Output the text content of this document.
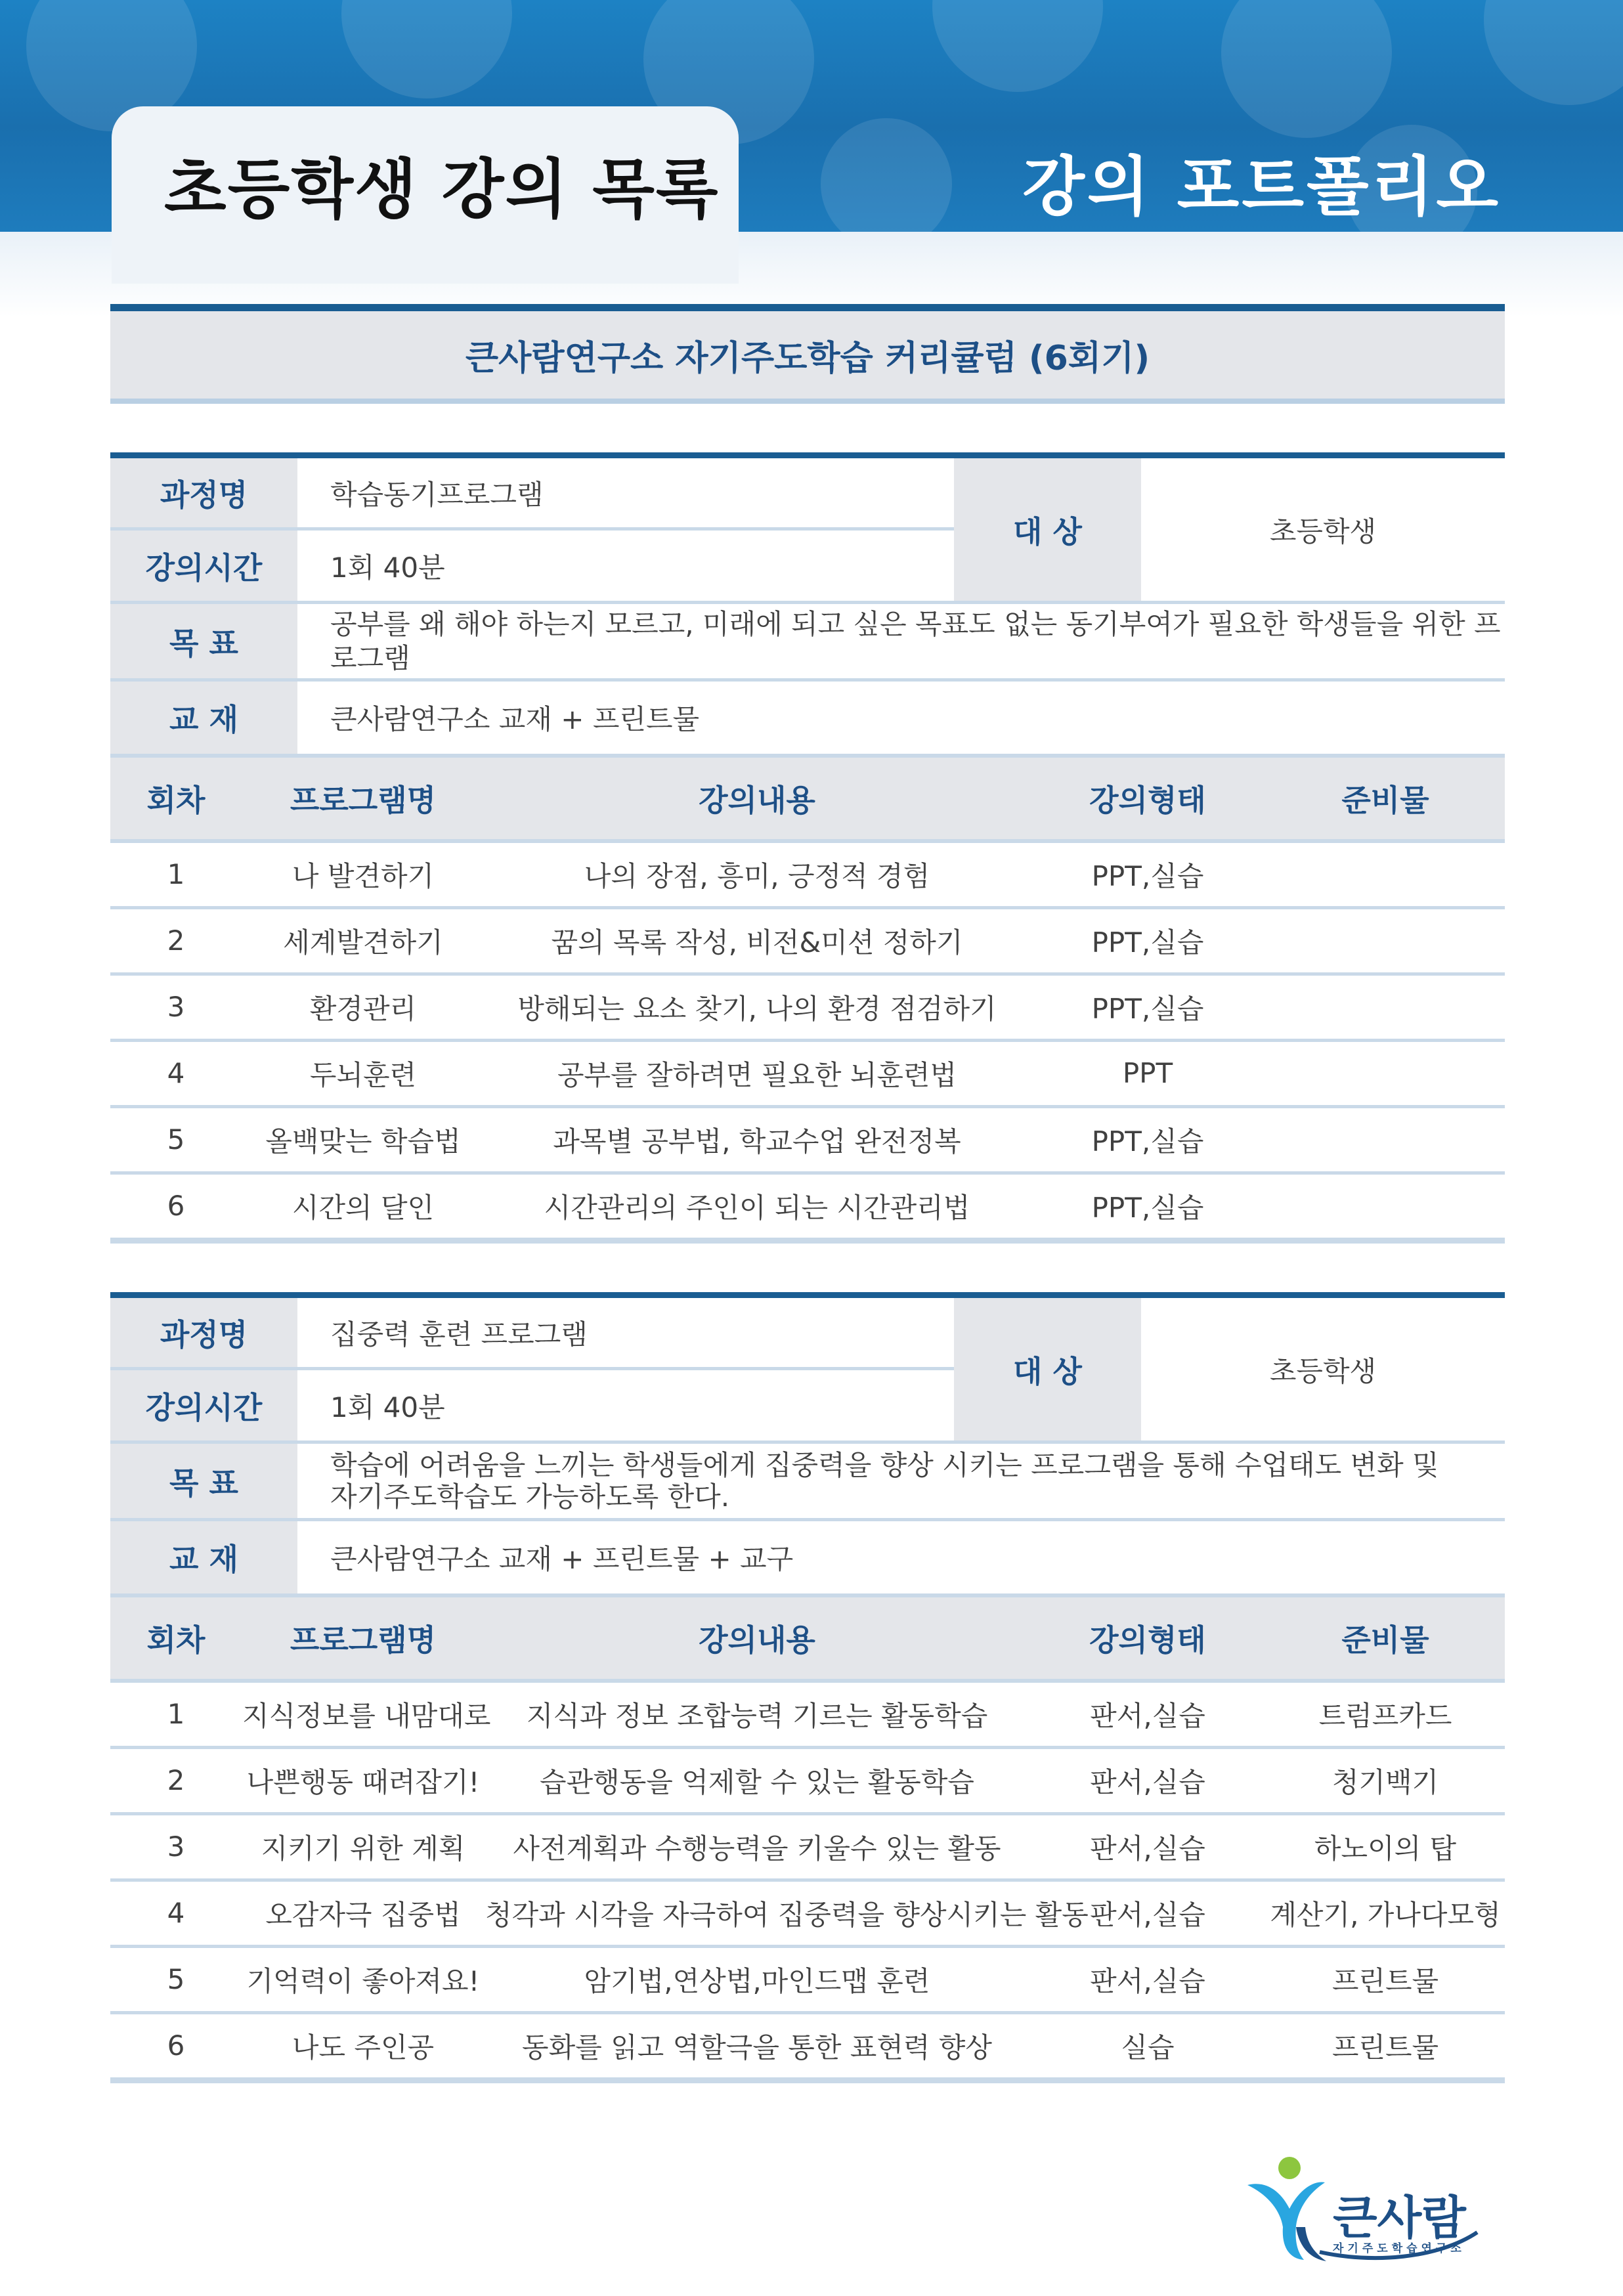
초등학생 강의 목록	강의 포트폴리오
큰사람연구소 자기주도학습 커리큘럼 (6회기)
과정명	학습동기프로그램	대 상	초등학생
강의시간	1회 40분		
목 표	공부를 왜 해야 하는지 모르고, 미래에 되고 싶은 목표도 없는 동기부여가 필요한 학생들을 위한 프로그램		

교 재	큰사람연구소 교재 + 프린트물		
회차	프로그램명	강의내용	강의형태	준비물
1	나 발견하기	나의 장점, 흥미, 긍정적 경험	PPT,실습	
2	세계발견하기	꿈의 목록 작성, 비전&미션 정하기	PPT,실습	
3	환경관리	방해되는 요소 찾기, 나의 환경 점검하기	PPT,실습	
4	두뇌훈련	공부를 잘하려면 필요한 뇌훈련법	PPT	
5	올백맞는 학습법	과목별 공부법, 학교수업 완전정복	PPT,실습	
6	시간의 달인	시간관리의 주인이 되는 시간관리법	PPT,실습	
과정명	집중력 훈련 프로그램	대 상	초등학생
강의시간	1회 40분		
목 표	학습에 어려움을 느끼는 학생들에게 집중력을 향상 시키는 프로그램을 통해 수업태도 변화 및
자기주도학습도 가능하도록 한다.		

교 재	큰사람연구소 교재 + 프린트물 + 교구		
회차	프로그램명	강의내용	강의형태	준비물
1	지식정보를 내맘대로	지식과 정보 조합능력 기르는 활동학습	판서,실습	트럼프카드
2	나쁜행동 때려잡기!	습관행동을 억제할 수 있는 활동학습	판서,실습	청기백기
3	지키기 위한 계획	사전계획과 수행능력을 키울수 있는 활동	판서,실습	하노이의 탑
4	오감자극 집중법	청각과 시각을 자극하여 집중력을 향상시키는 활동	판서,실습	계산기, 가나다모형
5	기억력이 좋아져요!	암기법,연상법,마인드맵 훈련	판서,실습	프린트물
6	나도 주인공	동화를 읽고 역할극을 통한 표현력 향상	실습	프린트물
큰사람
자기주도학습연구소
